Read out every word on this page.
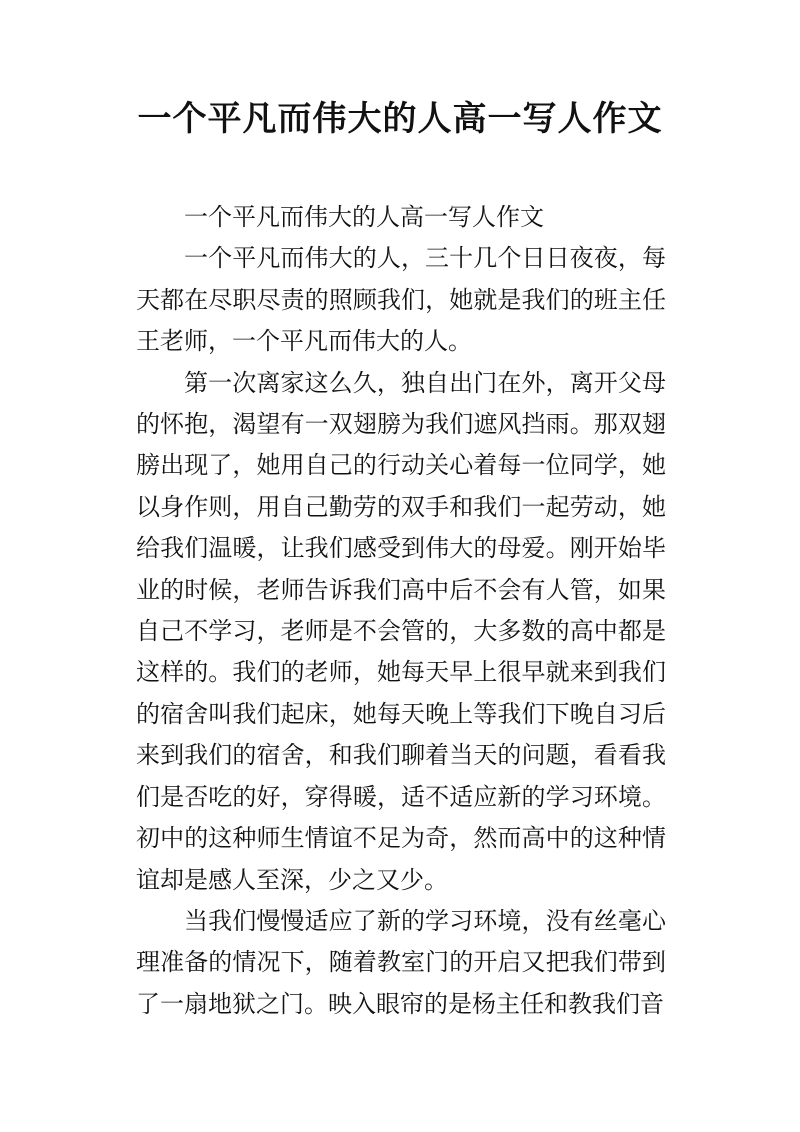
一个平凡而伟大的人高一写人作文

一个平凡而伟大的人高一写人作文

一个平凡而伟大的人，三十几个日日夜夜，每天都在尽职尽责的照顾我们，她就是我们的班主任王老师，一个平凡而伟大的人。

第一次离家这么久，独自出门在外，离开父母的怀抱，渴望有一双翅膀为我们遮风挡雨。那双翅膀出现了，她用自己的行动关心着每一位同学，她以身作则，用自己勤劳的双手和我们一起劳动，她给我们温暖，让我们感受到伟大的母爱。刚开始毕业的时候，老师告诉我们高中后不会有人管，如果自己不学习，老师是不会管的，大多数的高中都是这样的。我们的老师，她每天早上很早就来到我们的宿舍叫我们起床，她每天晚上等我们下晚自习后来到我们的宿舍，和我们聊着当天的问题，看看我们是否吃的好，穿得暖，适不适应新的学习环境。初中的这种师生情谊不足为奇，然而高中的这种情谊却是感人至深，少之又少。

当我们慢慢适应了新的学习环境，没有丝毫心理准备的情况下，随着教室门的开启又把我们带到了一扇地狱之门。映入眼帘的是杨主任和教我们音
